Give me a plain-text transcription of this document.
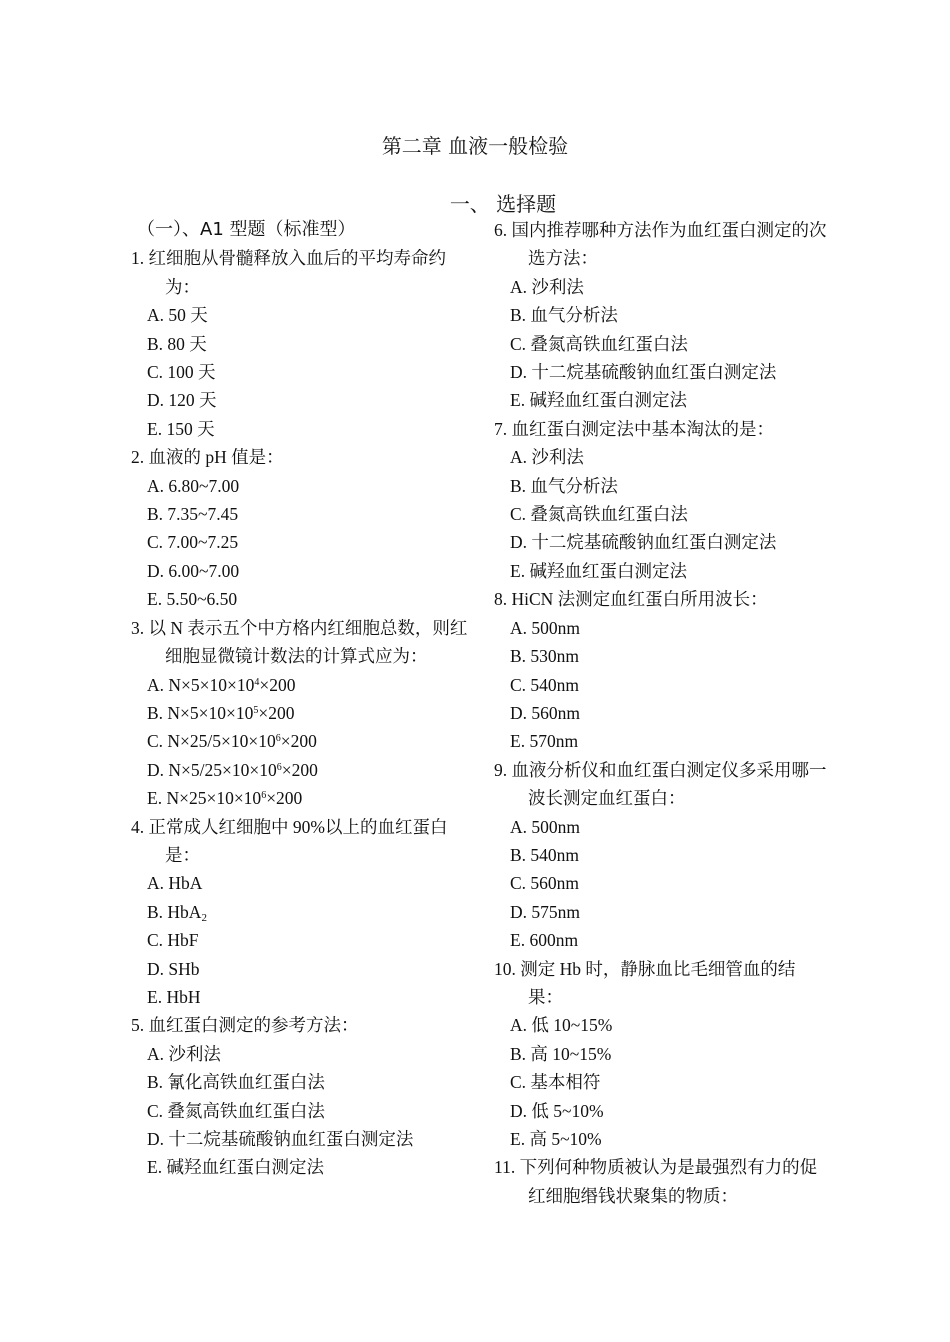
第二章 血液一般检验
一、 选择题
（一）、A1 型题（标准型）
1. 红细胞从骨髓释放入血后的平均寿命约为：
A. 50 天
B. 80 天
C. 100 天
D. 120 天
E. 150 天
2. 血液的 pH 值是：
A. 6.80~7.00
B. 7.35~7.45
C. 7.00~7.25
D. 6.00~7.00
E. 5.50~6.50
3. 以 N 表示五个中方格内红细胞总数，则红细胞显微镜计数法的计算式应为：
A. $N\times 5\times 10\times 10^4\times 200$
B. $N\times 5\times 10\times 10^5\times 200$
C. $N\times 25/5\times 10\times 10^6\times 200$
D. $N\times 5/25\times 10\times 10^6\times 200$
E. $N\times 25\times 10\times 10^6\times 200$
4. 正常成人红细胞中 90%以上的血红蛋白是：
A. HbA
B. HbA$_2$
C. HbF
D. SHb
E. HbH
5. 血红蛋白测定的参考方法：
A. 沙利法
B. 氰化高铁血红蛋白法
C. 叠氮高铁血红蛋白法
D. 十二烷基硫酸钠血红蛋白测定法
E. 碱羟血红蛋白测定法
6. 国内推荐哪种方法作为血红蛋白测定的次选方法：
A. 沙利法
B. 血气分析法
C. 叠氮高铁血红蛋白法
D. 十二烷基硫酸钠血红蛋白测定法
E. 碱羟血红蛋白测定法
7. 血红蛋白测定法中基本淘汰的是：
A. 沙利法
B. 血气分析法
C. 叠氮高铁血红蛋白法
D. 十二烷基硫酸钠血红蛋白测定法
E. 碱羟血红蛋白测定法
8. HiCN 法测定血红蛋白所用波长：
A. 500nm
B. 530nm
C. 540nm
D. 560nm
E. 570nm
9. 血液分析仪和血红蛋白测定仪多采用哪一波长测定血红蛋白：
A. 500nm
B. 540nm
C. 560nm
D. 575nm
E. 600nm
10. 测定 Hb 时，静脉血比毛细管血的结果：
A. 低 10~15%
B. 高 10~15%
C. 基本相符
D. 低 5~10%
E. 高 5~10%
11. 下列何种物质被认为是最强烈有力的促红细胞缗钱状聚集的物质：
